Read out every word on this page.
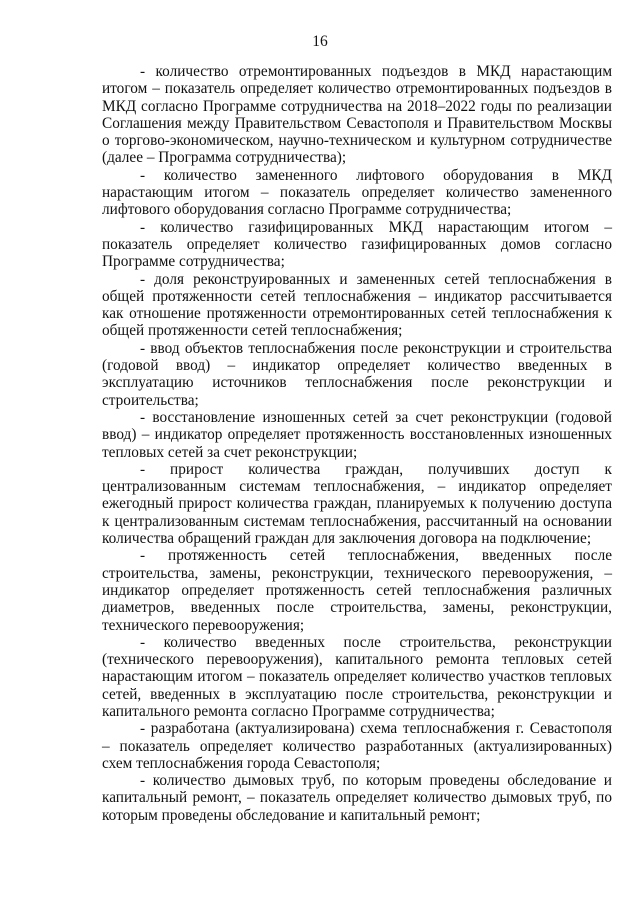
16

- количество отремонтированных подъездов в МКД нарастающим итогом – показатель определяет количество отремонтированных подъездов в МКД согласно Программе сотрудничества на 2018–2022 годы по реализации Соглашения между Правительством Севастополя и Правительством Москвы о торгово-экономическом, научно-техническом и культурном сотрудничестве (далее – Программа сотрудничества);

- количество замененного лифтового оборудования в МКД нарастающим итогом – показатель определяет количество замененного лифтового оборудования согласно Программе сотрудничества;

- количество газифицированных МКД нарастающим итогом – показатель определяет количество газифицированных домов согласно Программе сотрудничества;

- доля реконструированных и замененных сетей теплоснабжения в общей протяженности сетей теплоснабжения – индикатор рассчитывается как отношение протяженности отремонтированных сетей теплоснабжения к общей протяженности сетей теплоснабжения;

- ввод объектов теплоснабжения после реконструкции и строительства (годовой ввод) – индикатор определяет количество введенных в эксплуатацию источников теплоснабжения после реконструкции и строительства;

- восстановление изношенных сетей за счет реконструкции (годовой ввод) – индикатор определяет протяженность восстановленных изношенных тепловых сетей за счет реконструкции;

- прирост количества граждан, получивших доступ к централизованным системам теплоснабжения, – индикатор определяет ежегодный прирост количества граждан, планируемых к получению доступа к централизованным системам теплоснабжения, рассчитанный на основании количества обращений граждан для заключения договора на подключение;

- протяженность сетей теплоснабжения, введенных после строительства, замены, реконструкции, технического перевооружения, – индикатор определяет протяженность сетей теплоснабжения различных диаметров, введенных после строительства, замены, реконструкции, технического перевооружения;

- количество введенных после строительства, реконструкции (технического перевооружения), капитального ремонта тепловых сетей нарастающим итогом – показатель определяет количество участков тепловых сетей, введенных в эксплуатацию после строительства, реконструкции и капитального ремонта согласно Программе сотрудничества;

- разработана (актуализирована) схема теплоснабжения г. Севастополя – показатель определяет количество разработанных (актуализированных) схем теплоснабжения города Севастополя;

- количество дымовых труб, по которым проведены обследование и капитальный ремонт, – показатель определяет количество дымовых труб, по которым проведены обследование и капитальный ремонт;
